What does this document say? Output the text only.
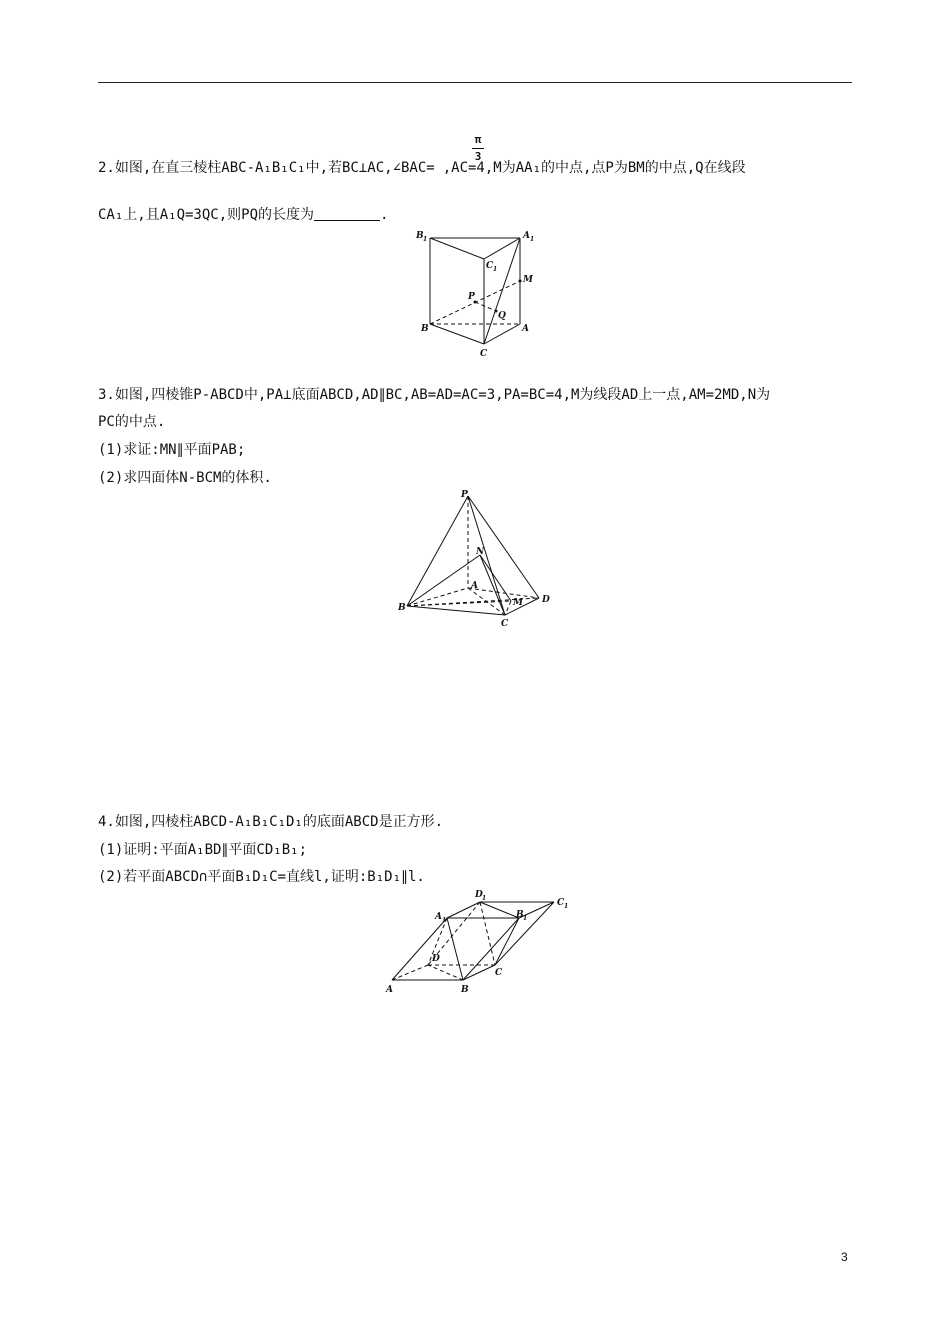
π
3
2.如图,在直三棱柱ABC-A₁B₁C₁中,若BC⊥AC,∠BAC= ,AC=4,M为AA₁的中点,点P为BM的中点,Q在线段
CA₁上,且A₁Q=3QC,则PQ的长度为	.
B 1	A 1
C 1
M
P
Q
B	A
C
3.如图,四棱锥P-ABCD中,PA⊥底面ABCD,AD∥BC,AB=AD=AC=3,PA=BC=4,M为线段AD上一点,AM=2MD,N为
PC的中点.
(1)求证:MN∥平面PAB;
(2)求四面体N-BCM的体积.
P
N
A
B	M D
C
4.如图,四棱柱ABCD-A₁B₁C₁D₁的底面ABCD是正方形.
(1)证明:平面A₁BD∥平面CD₁B₁;
(2)若平面ABCD∩平面B₁D₁C=直线l,证明:B₁D₁∥l.
D 1	C 1
A 1
B 1
D
C
A	B
3
